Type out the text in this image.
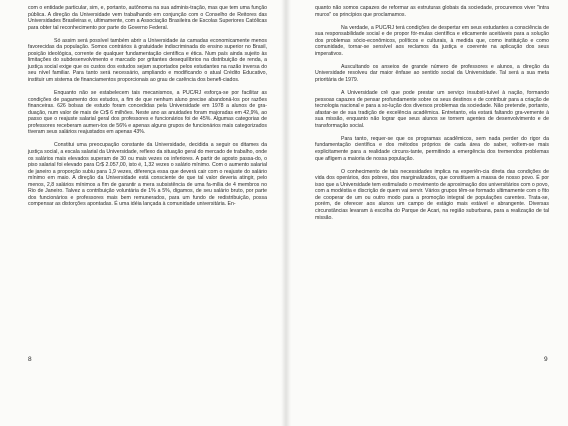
com o entidade particular, sim, e, portanto, autônoma na sua adminis-tração, mas que tem uma função pública. A direção da Universidade vem trabalhando em conjunção com o Conselho de Reitores das Universidades Brasileiras e, ultimamente, com a Associação Brasileira de Escolas Superiores Católicas para obter tal reconhecimento por parte do Governo Federal.

Só assim será possível também abrir a Universidade às camadas economicamente menos favorecidas da população. Somos contrários à gratuidade indiscriminada do ensino superior no Brasil, posição ideológica, corrente de qualquer fundamentação científica e ética. Num país ainda sujeito às limitações do subdesenvolvimento e marcado por gritantes desequilíbrios na distribuição de renda, a justiça social exige que os custos dos estudos sejam suportados pelos estudantes na razão inversa do seu nível familiar. Para tanto será necessário, ampliando e modificando o atual Crédito Educativo, instituir um sistema de financiamentos proporcionais ao grau de carência dos benefi-ciados.

Enquanto não se estabelecem tais mecanismos, a PUC/RJ esforça-se por facilitar as condições de pagamento dos estudos, a fim de que nenhum aluno precise abandoná-los por razões financeiras. 626 bolsas de estudo foram concedidas pela Universidade em 1978 a alunos de gra-duação, num valor de mais de Cr$ 6 milhões. Neste ano as anuidades foram majoradas em 42,9%, ao passo que o reajuste salarial geral dos professores e funcionários foi de 45%. Algumas categorias de professores receberam aumen-tos de 56% e apenas alguns grupos de funcionários mais categorizados tiveram seus salários reajustados em apenas 43%.

Constitui uma preocupação constante da Universidade, decidida a seguir os ditames da justiça social, a escala salarial da Universidade, reflexo da situação geral do mercado de trabalho, onde os salários mais elevados superam de 30 ou mais vezes os inferiores. A partir de agosto passa-do, o piso salarial foi elevado para Cr$ 2.057,00, isto é, 1,32 vezes o salário mínimo. Com o aumento salarial de janeiro a proporção subiu para 1,9 vezes, diferença essa que deverá cair com o reajuste do salário mínimo em maio. A direção da Universidade está consciente de que tal valor deveria atingir, pelo menos, 2,8 salários mínimos a fim de garantir a mera subsistência de uma fa-mília de 4 membros no Rio de Janeiro. Talvez a contribuição voluntária de 1% a 5%, digamos, de seu salário bruto, por parte dos funcionários e professores mais bem remunerados, para um fundo de redistribuição, possa compensar as distorções apontadas. É uma idéia lançada à comunidade universitária. En-

8

quanto não somos capazes de reformar as estruturas globais da sociedade, procuremos viver "intra muros" os princípios que proclamamos.

Na verdade, a PUC/RJ terá condições de despertar em seus estudantes a consciência de sua responsabilidade social e de propor fór-mulas científica e eticamente aceitáveis para a solução dos problemas sócio-econômicos, políticos e culturais, à medida que, como instituição e como comunidade, tornar-se sensível aos reclamos da justiça e coerente na aplicação dos seus imperativos.

Auscultando os anseios de grande número de professores e alunos, a direção da Universidade resolveu dar maior ênfase ao sentido social da Universidade. Tal será a sua meta prioritária de 1979.

A Universidade crê que pode prestar um serviço insubsti-tuível à nação, formando pessoas capazes de pensar profundamente sobre os seus destinos e de contribuir para a criação de tecnologia nacional e para a so-lução dos diversos problemas da sociedade. Não pretende, portanto, afastar-se de sua tradição de excelência acadêmica. Entretanto, ela estará faltando gra-vemente à sua missão, enquanto não lograr que seus alunos se tornem agentes de desenvolvimento e de transformação social.

Para tanto, requer-se que os programas acadêmicos, sem nada perder do rigor da fundamentação científica e dos métodos próprios de cada área do saber, voltem-se mais explicitamente para a realidade circuns-tante, permitindo a emergência dos tremendos problemas que afligem a maioria de nossa população.

O conhecimento de tais necessidades implica na experiên-cia direta das condições de vida dos operários, dos pobres, dos marginalizados, que constituem a massa de nosso povo. É por isso que a Universidade tem estimulado o movimento de aproximação dos universitários com o povo, com a modéstia e discrição de quem vai servir. Vários grupos têm-se formado ultimamente com o fito de cooperar de um ou outro modo para a promoção integral de populações carentes. Trata-se, porém, de oferecer aos alunos um campo de estágio mais estável e abrangente. Diversas circunstâncias levaram à escolha do Parque de Acari, na região suburbana, para a realização de tal missão.

9
